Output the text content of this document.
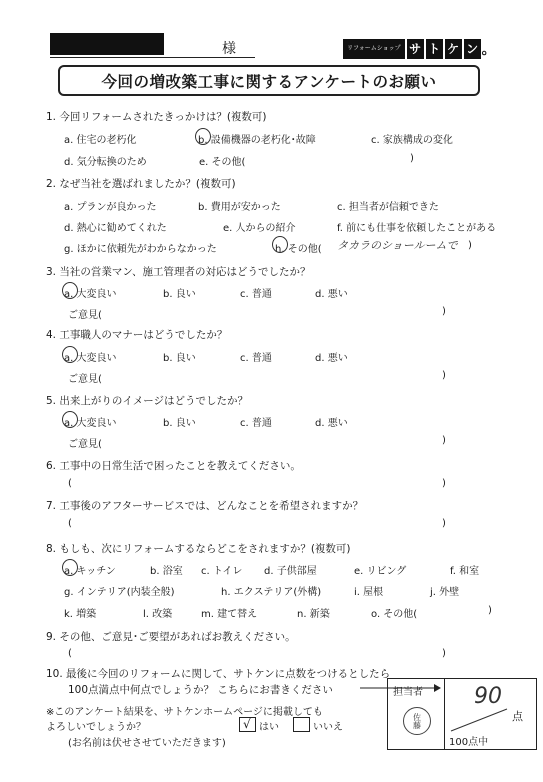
様	リフォームショップ サ ト ケ ン 。
今回の増改築工事に関するアンケートのお願い
1. 今回リフォームされたきっかけは？(複数可)
a. 住宅の老朽化	b. 設備機器の老朽化･故障	c. 家族構成の変化
d. 気分転換のため	e. その他(	)
2. なぜ当社を選ばれましたか？(複数可)
a. プランが良かった	b. 費用が安かった	c. 担当者が信頼できた
d. 熱心に勧めてくれた	e. 人からの紹介	f. 前にも仕事を依頼したことがある
g. ほかに依頼先がわからなかった	h. その他( タカラのショールームで )
3. 当社の営業マン、施工管理者の対応はどうでしたか？
a. 大変良い	b. 良い	c. 普通	d. 悪い
ご意見(	)
4. 工事職人のマナーはどうでしたか？
a. 大変良い	b. 良い	c. 普通	d. 悪い
ご意見(	)
5. 出来上がりのイメージはどうでしたか？
a. 大変良い	b. 良い	c. 普通	d. 悪い
ご意見(	)
6. 工事中の日常生活で困ったことを教えてください。
(	)
7. 工事後のアフターサービスでは、どんなことを希望されますか？
(	)
8. もしも、次にリフォームするならどこをされますか？(複数可)
a. キッチン	b. 浴室 c. トイレ d. 子供部屋	e. リビング	f. 和室
g. インテリア(内装全般)	h. エクステリア(外構)	i. 屋根	j. 外壁
k. 増築	l. 改築	m. 建て替え	n. 新築	o. その他(	)
9. その他、ご意見･ご要望があればお教えください。
(	)
10. 最後に今回のリフォームに関して、サトケンに点数をつけるとしたら
100点満点中何点でしょうか？ こちらにお書きください
※このアンケート結果を、サトケンホームページに掲載しても
よろしいでしょうか？	√ はい	いいえ
(お名前は伏せさせていただきます)
担当者
佐藤
90
点
100点中
